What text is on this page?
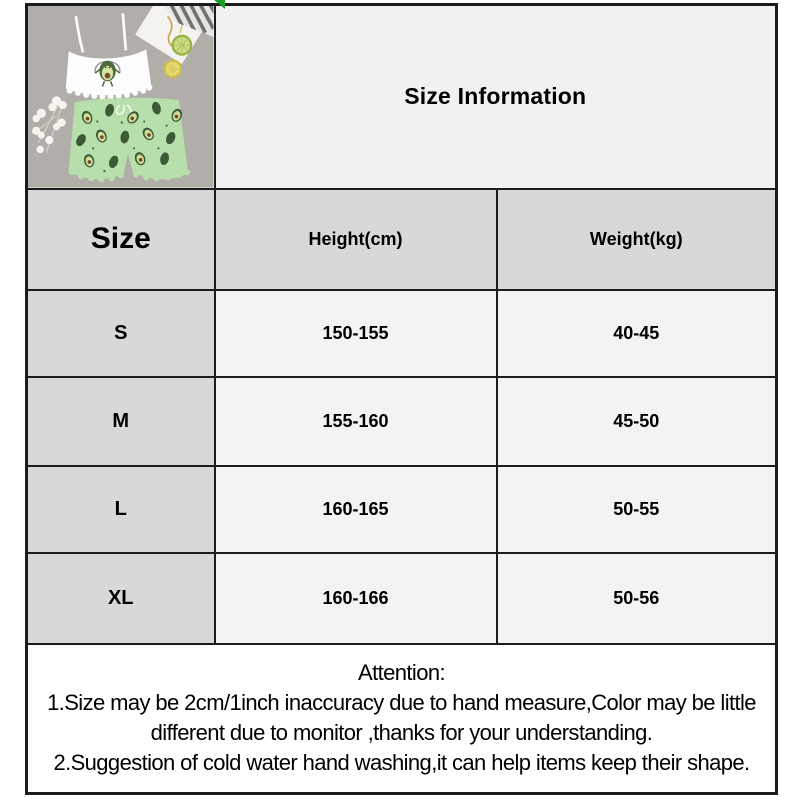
	Size Information	
Size	Height(cm)	Weight(kg)
S	150-155	40-45
M	155-160	45-50
L	160-165	50-55
XL	160-166	50-56

Attention:
1.Size may be 2cm/1inch inaccuracy due to hand measure,Color may be little different due to monitor ,thanks for your understanding.
2.Suggestion of cold water hand washing,it can help items keep their shape.		
